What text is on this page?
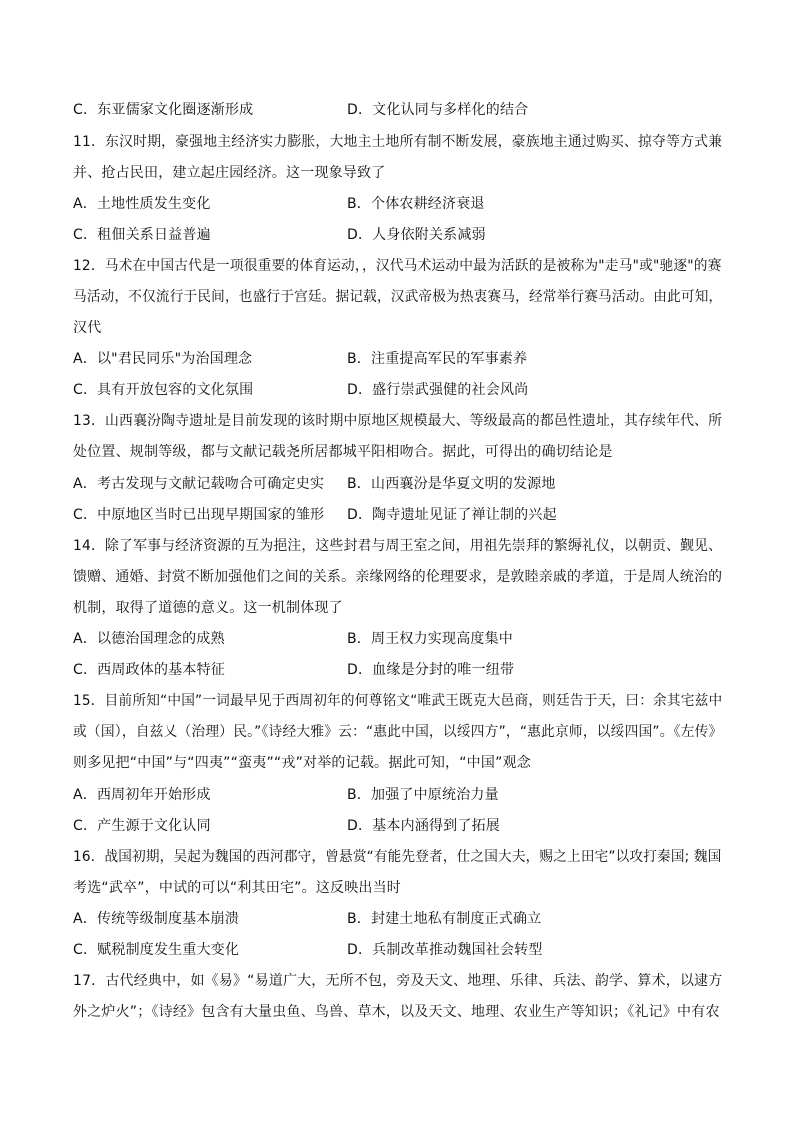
C．东亚儒家文化圈逐渐形成	D．文化认同与多样化的结合
11．东汉时期，豪强地主经济实力膨胀，大地主土地所有制不断发展，豪族地主通过购买、掠夺等方式兼
并、抢占民田，建立起庄园经济。这一现象导致了
A．土地性质发生变化	B．个体农耕经济衰退
C．租佃关系日益普遍	D．人身依附关系减弱
12．马术在中国古代是一项很重要的体育运动，，汉代马术运动中最为活跃的是被称为"走马"或"驰逐"的赛
马活动，不仅流行于民间，也盛行于宫廷。据记载，汉武帝极为热衷赛马，经常举行赛马活动。由此可知，
汉代
A．以"君民同乐"为治国理念	B．注重提高军民的军事素养
C．具有开放包容的文化氛围	D．盛行崇武强健的社会风尚
13．山西襄汾陶寺遗址是目前发现的该时期中原地区规模最大、等级最高的都邑性遗址，其存续年代、所
处位置、规制等级，都与文献记载尧所居都城平阳相吻合。据此，可得出的确切结论是
A．考古发现与文献记载吻合可确定史实 B．山西襄汾是华夏文明的发源地
C．中原地区当时已出现早期国家的雏形 D．陶寺遗址见证了禅让制的兴起
14．除了军事与经济资源的互为挹注，这些封君与周王室之间，用祖先崇拜的繁缛礼仪，以朝贡、觐见、
馈赠、通婚、封赏不断加强他们之间的关系。亲缘网络的伦理要求，是敦睦亲戚的孝道，于是周人统治的
机制，取得了道德的意义。这一机制体现了
A．以德治国理念的成熟	B．周王权力实现高度集中
C．西周政体的基本特征	D．血缘是分封的唯一纽带
15．目前所知“中国”一词最早见于西周初年的何尊铭文“唯武王既克大邑商，则廷告于天，曰：余其宅兹中
或（国），自兹乂（治理）民。”《诗经大雅》云：“惠此中国，以绥四方”，“惠此京师，以绥四国”。《左传》
则多见把“中国”与“四夷”“蛮夷”“戎”对举的记载。据此可知，“中国”观念
A．西周初年开始形成	B．加强了中原统治力量
C．产生源于文化认同	D．基本内涵得到了拓展
16．战国初期，吴起为魏国的西河郡守，曾悬赏“有能先登者，仕之国大夫，赐之上田宅”以攻打秦国; 魏国
考选“武卒”，中试的可以“利其田宅”。这反映出当时
A．传统等级制度基本崩溃	B．封建土地私有制度正式确立
C．赋税制度发生重大变化	D．兵制改革推动魏国社会转型
17．古代经典中，如《易》“易道广大，无所不包，旁及天文、地理、乐律、兵法、韵学、算术，以逮方
外之炉火”；《诗经》包含有大量虫鱼、鸟兽、草木，以及天文、地理、农业生产等知识；《礼记》中有农
